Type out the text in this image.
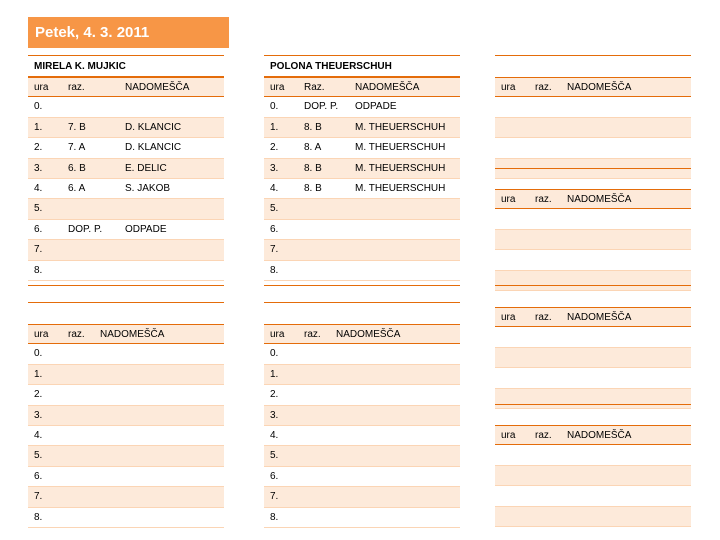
Petek, 4. 3. 2011
MIRELA K. MUJKIC
ura raz.	NADOMEŠČA
0.
1.	7. B	D. KLANCIC
2.	7. A	D. KLANCIC
3.	6. B	E. DELIC
4.	6. A	S. JAKOB
5.
6.	DOP. P. ODPADE
7.
8.
POLONA THEUERSCHUH
ura Raz.	NADOMEŠČA
0.	DOP. P. ODPADE
1.	8. B	M. THEUERSCHUH
2.	8. A	M. THEUERSCHUH
3.	8. B	M. THEUERSCHUH
4.	8. B	M. THEUERSCHUH
5.
6.
7.
8.
ura raz. NADOMEŠČA
0.
1.
2.
3.
4.
5.
6.
7.
8.
ura raz. NADOMEŠČA
0.
1.
2.
3.
4.
5.
6.
7.
8.
ura raz. NADOMEŠČA
ura raz. NADOMEŠČA
ura raz. NADOMEŠČA
ura raz. NADOMEŠČA
